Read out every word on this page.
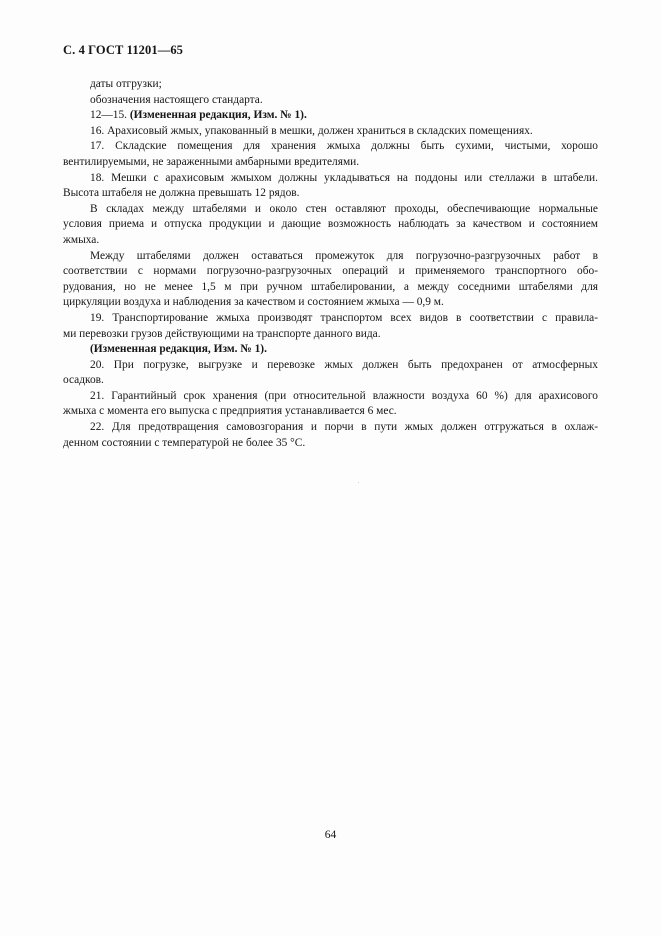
С. 4 ГОСТ 11201—65
даты отгрузки;
обозначения настоящего стандарта.
12—15. (Измененная редакция, Изм. № 1).
16. Арахисовый жмых, упакованный в мешки, должен храниться в складских помещениях.
17. Складские помещения для хранения жмыха должны быть сухими, чистыми, хорошо
вентилируемыми, не зараженными амбарными вредителями.
18. Мешки с арахисовым жмыхом должны укладываться на поддоны или стеллажи в штабели.
Высота штабеля не должна превышать 12 рядов.
В складах между штабелями и около стен оставляют проходы, обеспечивающие нормальные
условия приема и отпуска продукции и дающие возможность наблюдать за качеством и состоянием
жмыха.
Между штабелями должен оставаться промежуток для погрузочно-разгрузочных работ в
соответствии с нормами погрузочно-разгрузочных операций и применяемого транспортного обо-
рудования, но не менее 1,5 м при ручном штабелировании, а между соседними штабелями для
циркуляции воздуха и наблюдения за качеством и состоянием жмыха — 0,9 м.
19. Транспортирование жмыха производят транспортом всех видов в соответствии с правила-
ми перевозки грузов действующими на транспорте данного вида.
(Измененная редакция, Изм. № 1).
20. При погрузке, выгрузке и перевозке жмых должен быть предохранен от атмосферных
осадков.
21. Гарантийный срок хранения (при относительной влажности воздуха 60 %) для арахисового
жмыха с момента его выпуска с предприятия устанавливается 6 мес.
22. Для предотвращения самовозгорания и порчи в пути жмых должен отгружаться в охлаж-
денном состоянии с температурой не более 35 °С.
64
